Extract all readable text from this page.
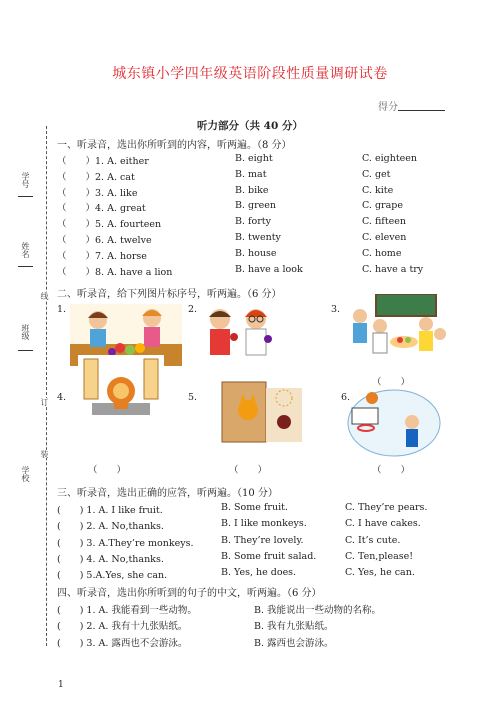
城东镇小学四年级英语阶段性质量调研试卷
得分
听力部分（共 40 分）
学号
姓名
班级
学校
线
订
装
一、听录音，选出你所听到的内容，听两遍。（8 分）
（　　）1. A. either	B. eight	C. eighteen
（　　）2. A. cat	B. mat	C. get
（　　）3. A. like	B. bike	C. kite
（　　）4. A. great	B. green	C. grape
（　　）5. A. fourteen	B. forty	C. fifteen
（　　）6. A. twelve	B. twenty	C. eleven
（　　）7. A. horse	B. house	C. home
（　　）8. A. have a lion	B. have a look	C. have a try
二、听录音，给下列图片标序号，听两遍。（6 分）
1.	2.	3.
4.	5.	6.
（　　）	（　　）
（　　）
（　　）
三、听录音，选出正确的应答，听两遍。（10 分）
(　　) 1. A. I like fruit.	B. Some fruit.	C. They’re pears.
(　　) 2. A. No,thanks.	B. I like monkeys.	C. I have cakes.
(　　) 3. A.They’re monkeys.	B. They’re lovely.	C. It’s cute.
(　　) 4. A. No,thanks.	B. Some fruit salad.	C. Ten,please!
(　　) 5.A.Yes, she can.	B. Yes, he does.	C. Yes, he can.
四、听录音，选出你所听到的句子的中文，听两遍。（6 分）
(　　) 1. A. 我能看到一些动物。	B. 我能说出一些动物的名称。
(　　) 2. A. 我有十九张贴纸。	B. 我有九张贴纸。
(　　) 3. A. 露西也不会游泳。	B. 露西也会游泳。
1
